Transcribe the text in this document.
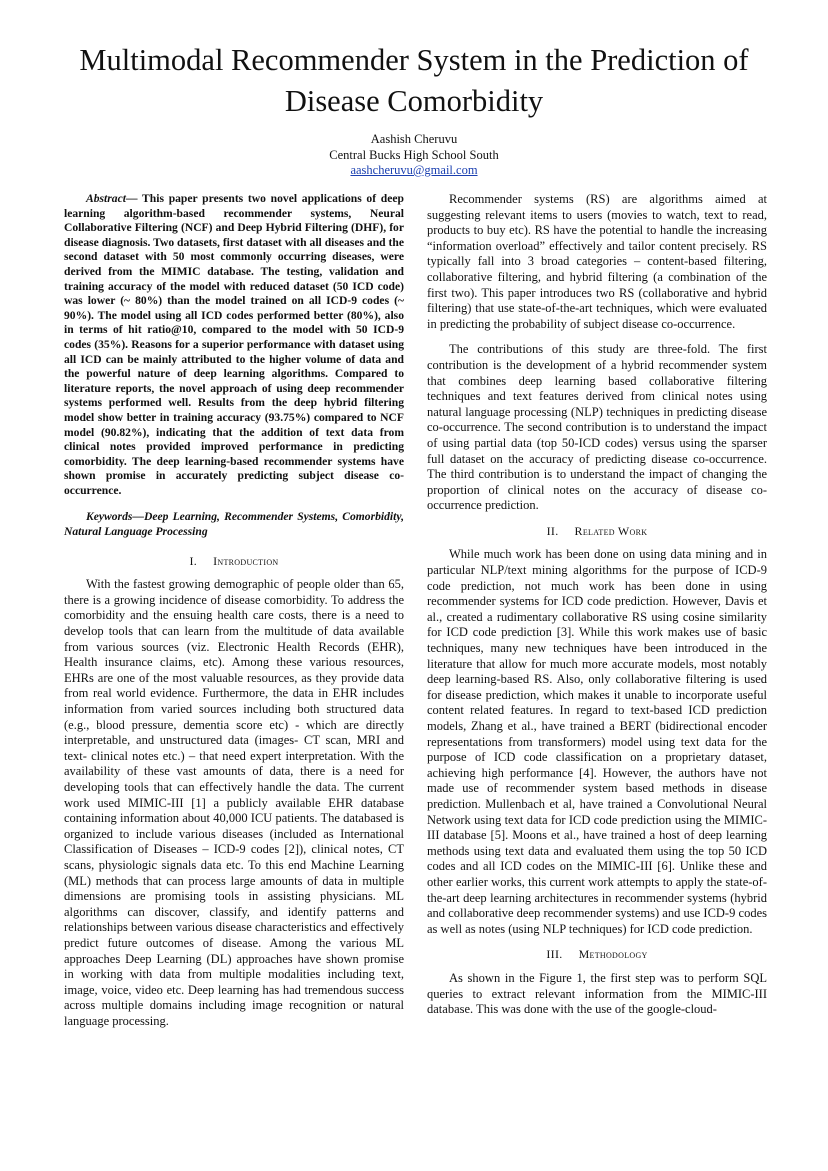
Multimodal Recommender System in the Prediction of Disease Comorbidity
Aashish Cheruvu
Central Bucks High School South
aashcheruvu@gmail.com

Abstract— This paper presents two novel applications of deep learning algorithm-based recommender systems, Neural Collaborative Filtering (NCF) and Deep Hybrid Filtering (DHF), for disease diagnosis. Two datasets, first dataset with all diseases and the second dataset with 50 most commonly occurring diseases, were derived from the MIMIC database. The testing, validation and training accuracy of the model with reduced dataset (50 ICD code) was lower (~ 80%) than the model trained on all ICD-9 codes (~ 90%). The model using all ICD codes performed better (80%), also in terms of hit ratio@10, compared to the model with 50 ICD-9 codes (35%). Reasons for a superior performance with dataset using all ICD can be mainly attributed to the higher volume of data and the powerful nature of deep learning algorithms. Compared to literature reports, the novel approach of using deep recommender systems performed well. Results from the deep hybrid filtering model show better in training accuracy (93.75%) compared to NCF model (90.82%), indicating that the addition of text data from clinical notes provided improved performance in predicting comorbidity. The deep learning-based recommender systems have shown promise in accurately predicting subject disease co-occurrence.

Keywords—Deep Learning, Recommender Systems, Comorbidity, Natural Language Processing

I. Introduction

With the fastest growing demographic of people older than 65, there is a growing incidence of disease comorbidity. To address the comorbidity and the ensuing health care costs, there is a need to develop tools that can learn from the multitude of data available from various sources (viz. Electronic Health Records (EHR), Health insurance claims, etc). Among these various resources, EHRs are one of the most valuable resources, as they provide data from real world evidence. Furthermore, the data in EHR includes information from varied sources including both structured data (e.g., blood pressure, dementia score etc) - which are directly interpretable, and unstructured data (images- CT scan, MRI and text- clinical notes etc.) – that need expert interpretation. With the availability of these vast amounts of data, there is a need for developing tools that can effectively handle the data. The current work used MIMIC-III [1] a publicly available EHR database containing information about 40,000 ICU patients. The databased is organized to include various diseases (included as International Classification of Diseases – ICD-9 codes [2]), clinical notes, CT scans, physiologic signals data etc. To this end Machine Learning (ML) methods that can process large amounts of data in multiple dimensions are promising tools in assisting physicians. ML algorithms can discover, classify, and identify patterns and relationships between various disease characteristics and effectively predict future outcomes of disease. Among the various ML approaches Deep Learning (DL) approaches have shown promise in working with data from multiple modalities including text, image, voice, video etc. Deep learning has had tremendous success across multiple domains including image recognition or natural language processing.

Recommender systems (RS) are algorithms aimed at suggesting relevant items to users (movies to watch, text to read, products to buy etc). RS have the potential to handle the increasing “information overload” effectively and tailor content precisely. RS typically fall into 3 broad categories – content-based filtering, collaborative filtering, and hybrid filtering (a combination of the first two). This paper introduces two RS (collaborative and hybrid filtering) that use state-of-the-art techniques, which were evaluated in predicting the probability of subject disease co-occurrence.

The contributions of this study are three-fold. The first contribution is the development of a hybrid recommender system that combines deep learning based collaborative filtering techniques and text features derived from clinical notes using natural language processing (NLP) techniques in predicting disease co-occurrence. The second contribution is to understand the impact of using partial data (top 50-ICD codes) versus using the sparser full dataset on the accuracy of predicting disease co-occurrence. The third contribution is to understand the impact of changing the proportion of clinical notes on the accuracy of disease co-occurrence prediction.

II. Related Work

While much work has been done on using data mining and in particular NLP/text mining algorithms for the purpose of ICD-9 code prediction, not much work has been done in using recommender systems for ICD code prediction. However, Davis et al., created a rudimentary collaborative RS using cosine similarity for ICD code prediction [3]. While this work makes use of basic techniques, many new techniques have been introduced in the literature that allow for much more accurate models, most notably deep learning-based RS. Also, only collaborative filtering is used for disease prediction, which makes it unable to incorporate useful content related features. In regard to text-based ICD prediction models, Zhang et al., have trained a BERT (bidirectional encoder representations from transformers) model using text data for the purpose of ICD code classification on a proprietary dataset, achieving high performance [4]. However, the authors have not made use of recommender system based methods in disease prediction. Mullenbach et al, have trained a Convolutional Neural Network using text data for ICD code prediction using the MIMIC-III database [5]. Moons et al., have trained a host of deep learning methods using text data and evaluated them using the top 50 ICD codes and all ICD codes on the MIMIC-III [6]. Unlike these and other earlier works, this current work attempts to apply the state-of-the-art deep learning architectures in recommender systems (hybrid and collaborative deep recommender systems) and use ICD-9 codes as well as notes (using NLP techniques) for ICD code prediction.

III. Methodology

As shown in the Figure 1, the first step was to perform SQL queries to extract relevant information from the MIMIC-III database. This was done with the use of the google-cloud-
